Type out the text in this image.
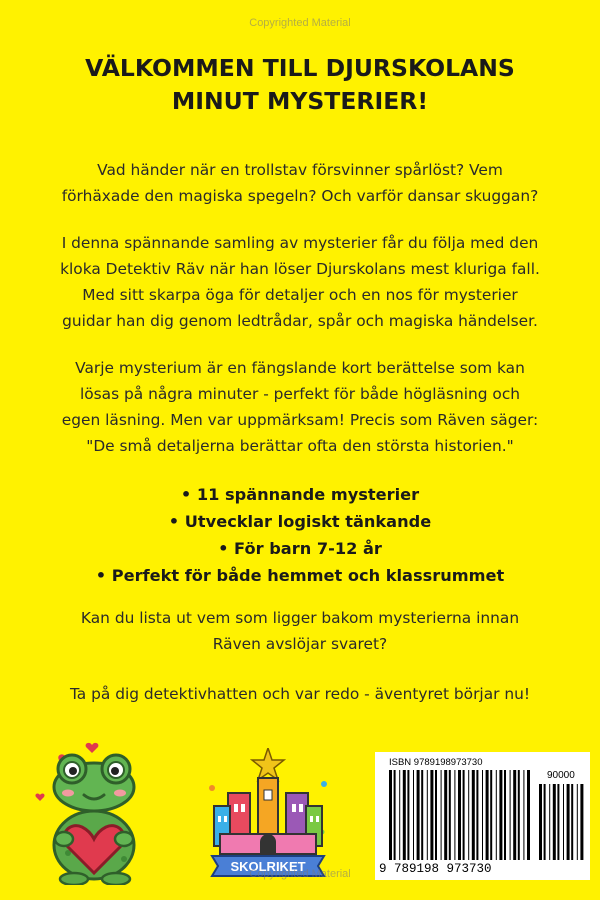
Copyrighted Material
VÄLKOMMEN TILL DJURSKOLANS
MINUT MYSTERIER!
Vad händer när en trollstav försvinner spårlöst? Vem
förhäxade den magiska spegeln? Och varför dansar skuggan?
I denna spännande samling av mysterier får du följa med den
kloka Detektiv Räv när han löser Djurskolans mest kluriga fall.
Med sitt skarpa öga för detaljer och en nos för mysterier
guidar han dig genom ledtrådar, spår och magiska händelser.
Varje mysterium är en fängslande kort berättelse som kan
lösas på några minuter - perfekt för både högläsning och
egen läsning. Men var uppmärksam! Precis som Räven säger:
"De små detaljerna berättar ofta den största historien."
• 11 spännande mysterier
• Utvecklar logiskt tänkande
• För barn 7-12 år
• Perfekt för både hemmet och klassrummet
Kan du lista ut vem som ligger bakom mysterierna innan
Räven avslöjar svaret?
Ta på dig detektivhatten och var redo - äventyret börjar nu!
SKOLRIKET
Copyrighted Material
ISBN 9789198973730
90000
9 789198 973730
